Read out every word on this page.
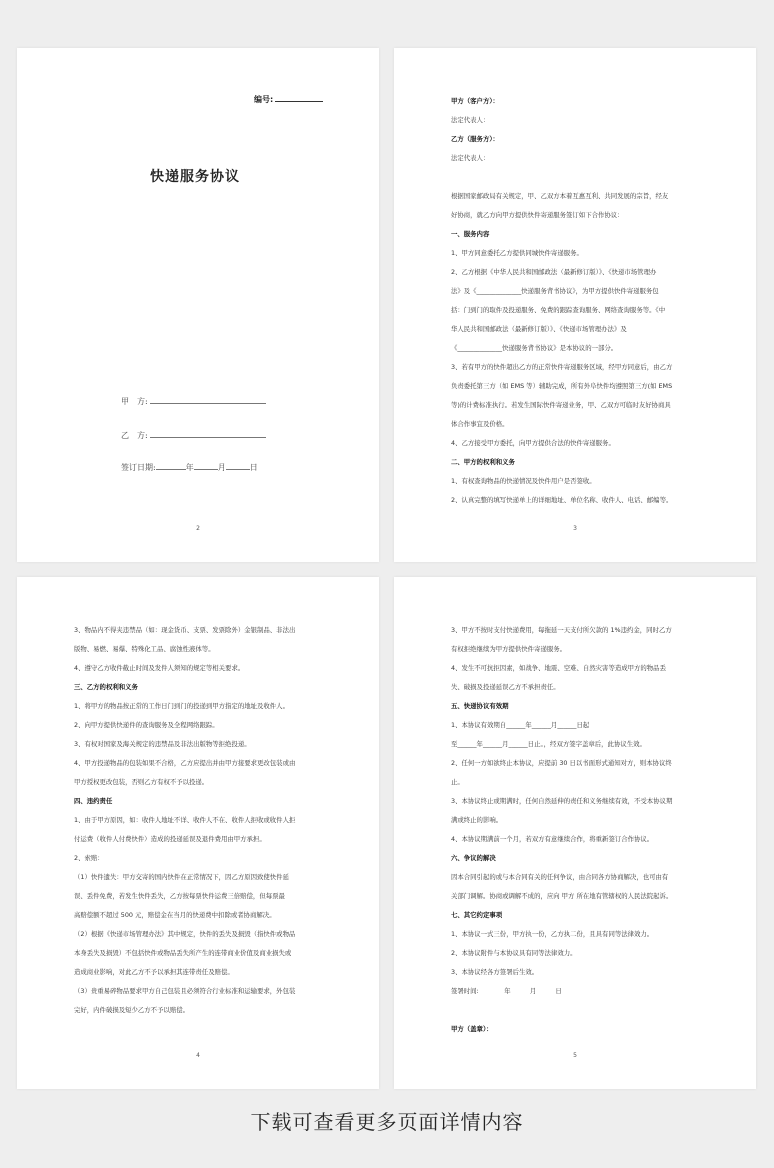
编号:
快递服务协议
甲　方:
乙　方:
签订日期:	年	月	日
2
甲方（客户方）：
法定代表人：
乙方（服务方）：
法定代表人：
根据国家邮政局有关规定，甲、乙双方本着互惠互利、共同发展的宗旨，经友
好协商，就乙方向甲方提供快件寄递服务签订如下合作协议：
一、服务内容
1、甲方同意委托乙方提供同城快件寄递服务。
2、乙方根据《中华人民共和国邮政法（最新修订版）》、《快递市场管理办
法》及《______________快递服务背书协议》，为甲方提供快件寄递服务包
括：门到门的取件及投递服务、免费的跟踪查询服务、网络查询服务等。《中
华人民共和国邮政法（最新修订版）》、《快递市场管理办法》及
《______________快递服务背书协议》是本协议的一部分。
3、若有甲方的快件超出乙方的正常快件寄递服务区域，经甲方同意后，由乙方
负责委托第三方（如 EMS 等）辅助完成，所有外阜快件均遵照第三方(如 EMS
等)的计费标准执行。若发生国际快件寄递业务，甲、乙双方可临时友好协商具
体合作事宜及价格。
4、乙方接受甲方委托，向甲方提供合法的快件寄递服务。
二、甲方的权利和义务
1、有权查询物品的快递情况及快件用户是否签收。
2、认真完整的填写快递单上的详细地址、单位名称、收件人、电话、邮编等。
3
3、物品内不得夹违禁品（如：现金货币、支票、发票除外）金银制品、非法出
版物、易燃、易爆、特殊化工品、腐蚀性液体等。
4、遵守乙方收件截止时间及发件人须知的规定等相关要求。
三、乙方的权利和义务
1、将甲方的物品按正常的工作日门到门的投递到甲方指定的地址及收件人。
2、向甲方提供快递件的查询服务及全程网络跟踪。
3、有权对国家及海关规定的违禁品及非法出版物等拒绝投递。
4、甲方投递物品的包装如果不合格，乙方应提出并由甲方接要求更改包装或由
甲方授权更改包装，否则乙方有权不予以投递。
四、违约责任
1、由于甲方原因，如：收件人地址不详、收件人不在、收件人拒收或收件人拒
付运费（收件人付费快件）造成的投递延误及退件费用由甲方承担。
2、索赔：
（1）快件遗失：甲方交寄的国内快件在正常情况下，因乙方原因致使快件延
误、丢件免费，若发生快件丢失，乙方按每票快件运费三倍赔偿，但每票最
高赔偿额不超过 500 元，赔偿金在当月的快递费中扣除或者协商解决。
（2）根据《快递市场管理办法》其中规定，快件的丢失及损毁（指快件或物品
本身丢失及损毁）不包括快件或物品丢失所产生的连带商业价值及商业损失或
造成商业影响，对此乙方不予以承担其连带责任及赔偿。
（3）贵重易碎物品要求甲方自己包装且必须符合行业标准和运输要求，外包装
完好，内件破损及短少乙方不予以赔偿。
4
3、甲方不按时支付快递费用，每拖延一天支付所欠款的 1%违约金，同时乙方
有权拒绝继续为甲方提供快件寄递服务。
4、发生不可抗拒因素，如战争、地震、空难、自然灾害等造成甲方的物品丢
失、破损及投递延误乙方不承担责任。
五、快递协议有效期
1、本协议有效期自______年______月______日起
至______年______月______日止。，经双方签字盖章后，此协议生效。
2、任何一方如欲终止本协议，应提前 30 日以书面形式通知对方，则本协议终
止。
3、本协议终止或期满时，任何自然延伸的责任和义务继续有效，不受本协议期
满或终止的影响。
4、本协议期满前一个月，若双方有意继续合作，将重新签订合作协议。
六、争议的解决
因本合同引起的或与本合同有关的任何争议，由合同各方协商解决，也可由有
关部门调解。协商或调解不成的，应向 甲方 所在地有管辖权的人民法院起诉。
七、其它约定事项
1、本协议一式三份，甲方执一份，乙方执二份，且具有同等法律效力。
2、本协议附件与本协议具有同等法律效力。
3、本协议经各方签署后生效。
签署时间:　　　　年　　　月　　　日
甲方（盖章）：
5
下载可查看更多页面详情内容
